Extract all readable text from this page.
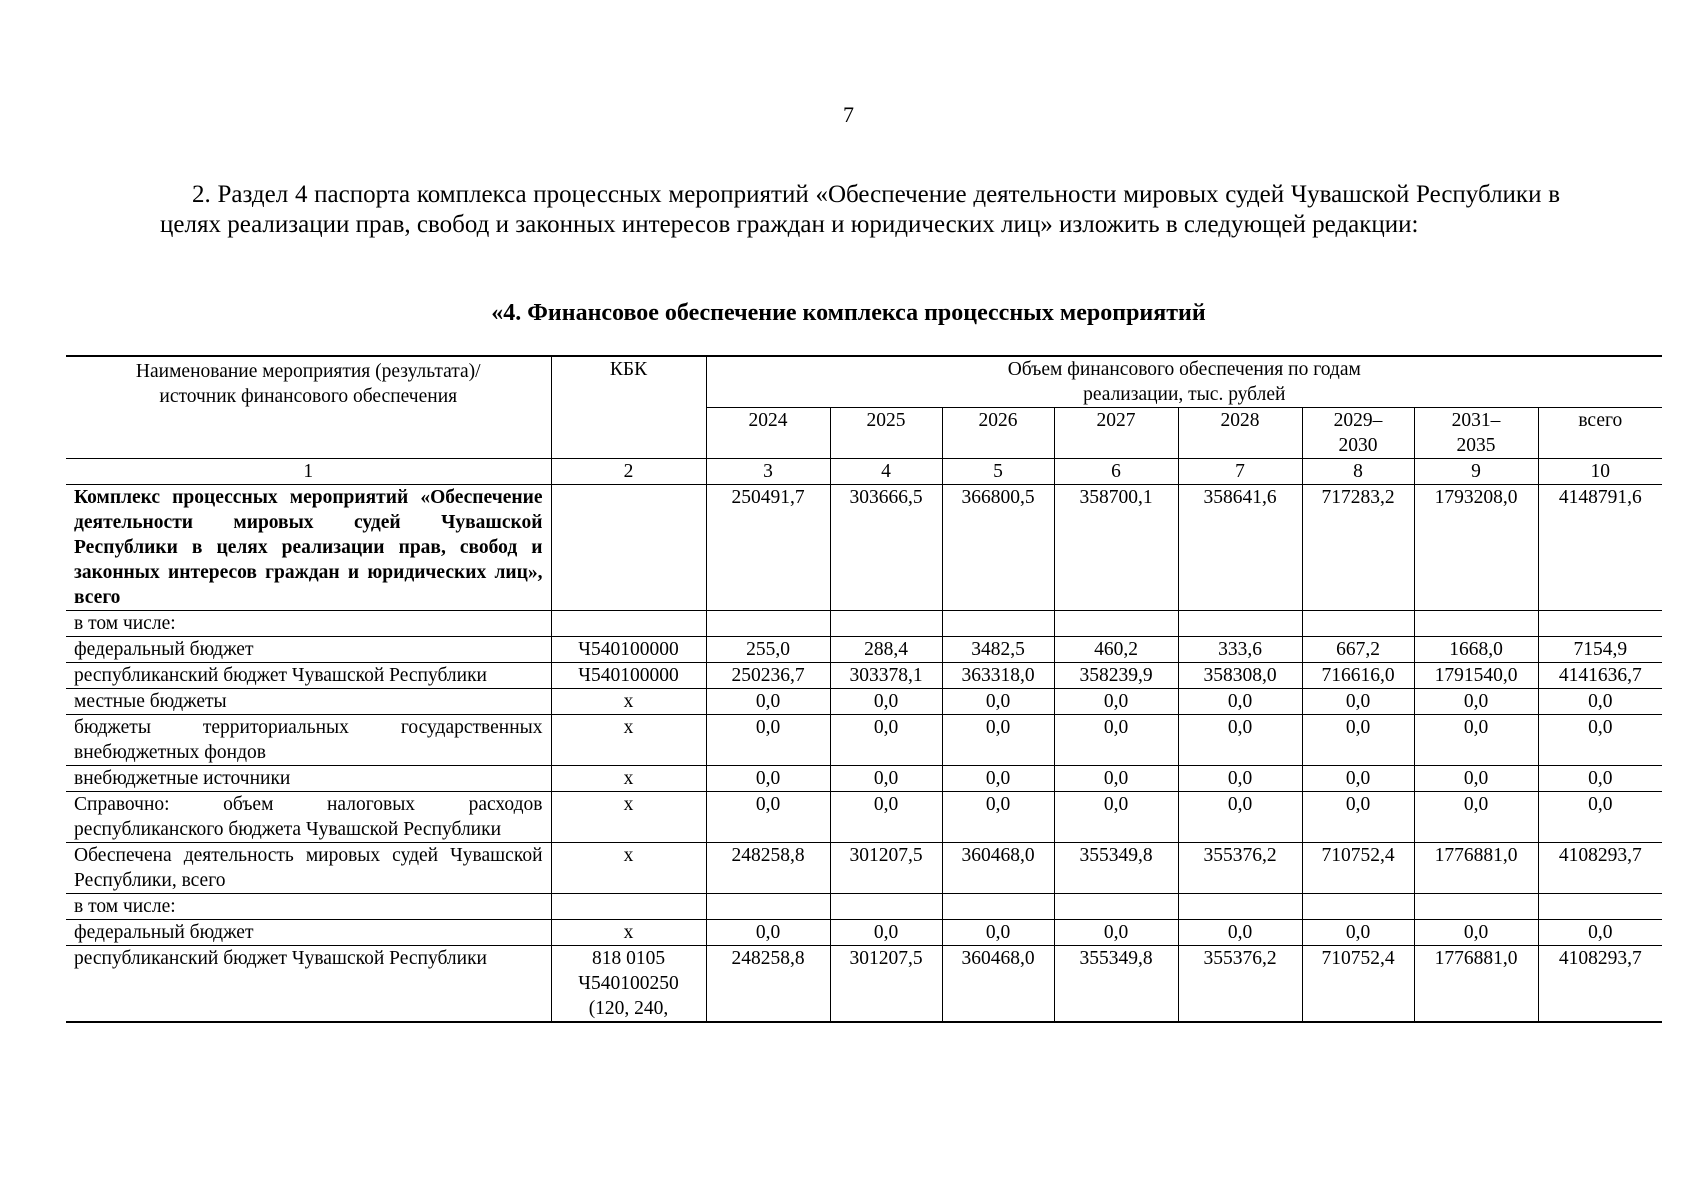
7
2. Раздел 4 паспорта комплекса процессных мероприятий «Обеспечение деятельности мировых судей Чувашской Республики в целях реализации прав, свобод и законных интересов граждан и юридических лиц» изложить в следующей редакции:
«4. Финансовое обеспечение комплекса процессных мероприятий
Наименование мероприятия (результата)/источник финансового обеспечения	КБК	Объем финансового обеспечения по годам реализации, тыс. рублей							
		2024	2025	2026	2027	2028	2029–2030	2031–2035	всего
1	2	3	4	5	6	7	8	9	10
Комплекс процессных мероприятий «Обеспечение деятельности мировых судей Чувашской Республики в целях реализации прав, свобод и законных интересов граждан и юридических лиц», всего		250491,7	303666,5	366800,5	358700,1	358641,6	717283,2	1793208,0	4148791,6
в том числе:									
федеральный бюджет	Ч540100000	255,0	288,4	3482,5	460,2	333,6	667,2	1668,0	7154,9
республиканский бюджет Чувашской Республики	Ч540100000	250236,7	303378,1	363318,0	358239,9	358308,0	716616,0	1791540,0	4141636,7
местные бюджеты	х	0,0	0,0	0,0	0,0	0,0	0,0	0,0	0,0
бюджеты территориальных государственных внебюджетных фондов	х	0,0	0,0	0,0	0,0	0,0	0,0	0,0	0,0
внебюджетные источники	х	0,0	0,0	0,0	0,0	0,0	0,0	0,0	0,0
Справочно: объем налоговых расходов республиканского бюджета Чувашской Республики	х	0,0	0,0	0,0	0,0	0,0	0,0	0,0	0,0
Обеспечена деятельность мировых судей Чувашской Республики, всего	х	248258,8	301207,5	360468,0	355349,8	355376,2	710752,4	1776881,0	4108293,7
в том числе:									
федеральный бюджет	х	0,0	0,0	0,0	0,0	0,0	0,0	0,0	0,0
республиканский бюджет Чувашской Республики	818 0105 Ч540100250 (120, 240,	248258,8	301207,5	360468,0	355349,8	355376,2	710752,4	1776881,0	4108293,7
